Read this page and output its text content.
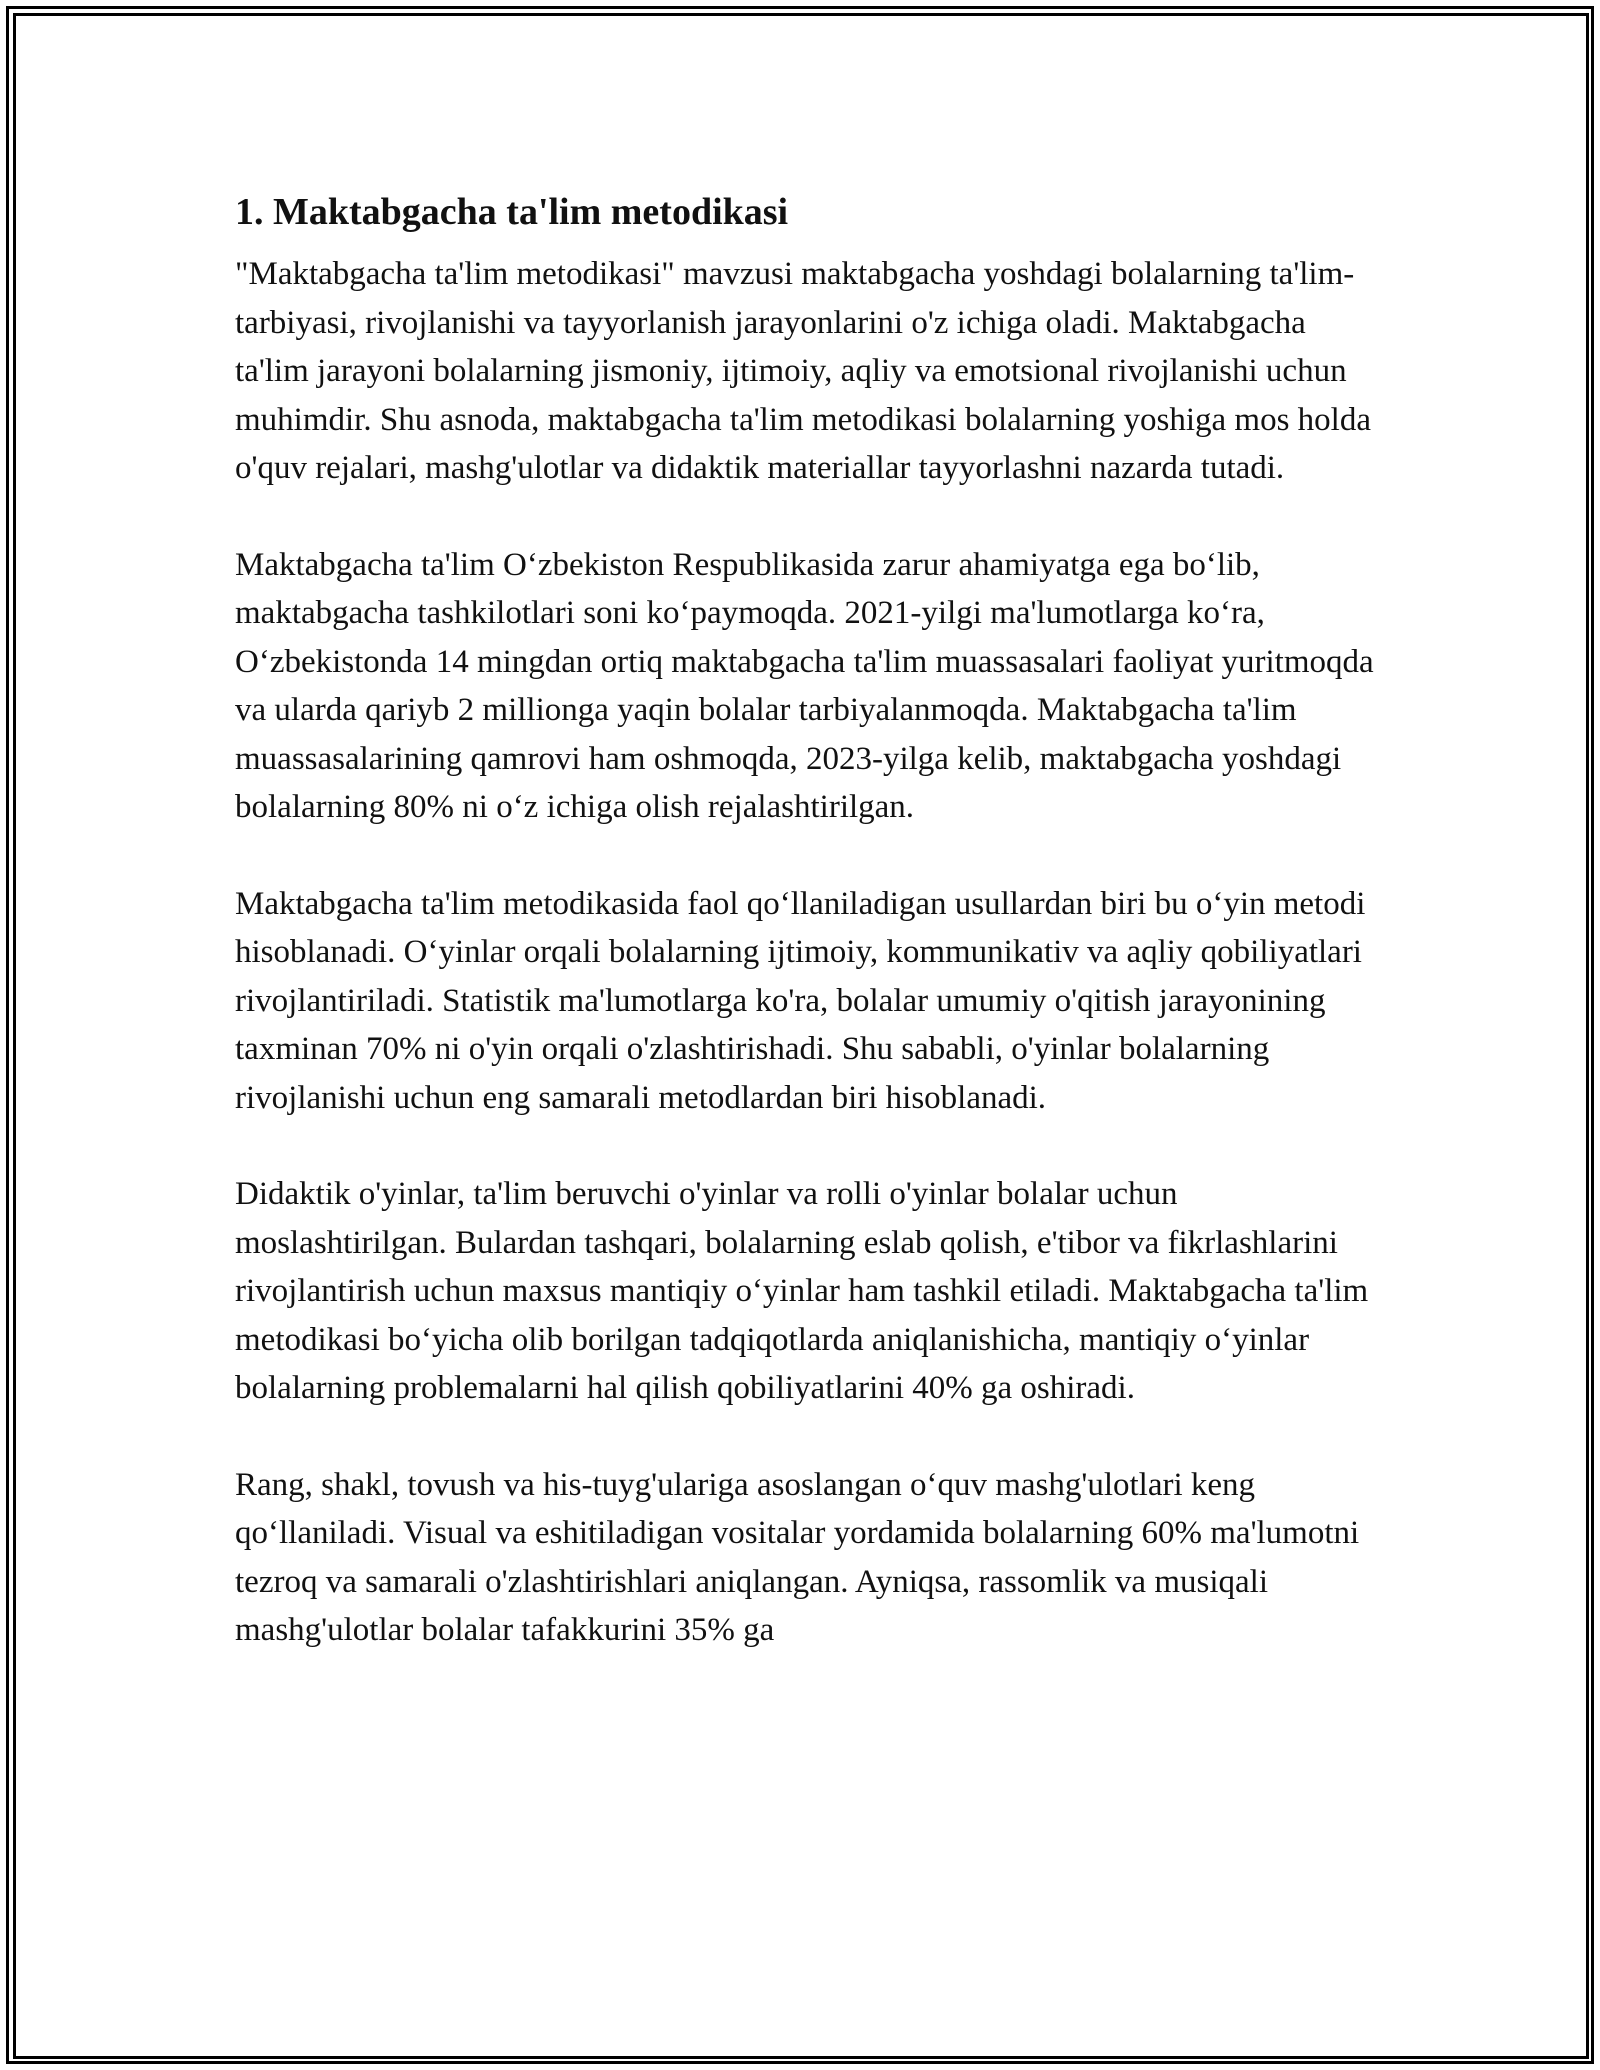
1. Maktabgacha ta'lim metodikasi

"Maktabgacha ta'lim metodikasi" mavzusi maktabgacha yoshdagi bolalarning ta'lim-tarbiyasi, rivojlanishi va tayyorlanish jarayonlarini o'z ichiga oladi. Maktabgacha ta'lim jarayoni bolalarning jismoniy, ijtimoiy, aqliy va emotsional rivojlanishi uchun muhimdir. Shu asnoda, maktabgacha ta'lim metodikasi bolalarning yoshiga mos holda o'quv rejalari, mashg'ulotlar va didaktik materiallar tayyorlashni nazarda tutadi.

Maktabgacha ta'lim Oʻzbekiston Respublikasida zarur ahamiyatga ega boʻlib, maktabgacha tashkilotlari soni koʻpaymoqda. 2021-yilgi ma'lumotlarga koʻra, Oʻzbekistonda 14 mingdan ortiq maktabgacha ta'lim muassasalari faoliyat yuritmoqda va ularda qariyb 2 millionga yaqin bolalar tarbiyalanmoqda. Maktabgacha ta'lim muassasalarining qamrovi ham oshmoqda, 2023-yilga kelib, maktabgacha yoshdagi bolalarning 80% ni oʻz ichiga olish rejalashtirilgan.

Maktabgacha ta'lim metodikasida faol qoʻllaniladigan usullardan biri bu oʻyin metodi hisoblanadi. Oʻyinlar orqali bolalarning ijtimoiy, kommunikativ va aqliy qobiliyatlari rivojlantiriladi. Statistik ma'lumotlarga ko'ra, bolalar umumiy o'qitish jarayonining taxminan 70% ni o'yin orqali o'zlashtirishadi. Shu sababli, o'yinlar bolalarning rivojlanishi uchun eng samarali metodlardan biri hisoblanadi.

Didaktik o'yinlar, ta'lim beruvchi o'yinlar va rolli o'yinlar bolalar uchun moslashtirilgan. Bulardan tashqari, bolalarning eslab qolish, e'tibor va fikrlashlarini rivojlantirish uchun maxsus mantiqiy oʻyinlar ham tashkil etiladi. Maktabgacha ta'lim metodikasi boʻyicha olib borilgan tadqiqotlarda aniqlanishicha, mantiqiy oʻyinlar bolalarning problemalarni hal qilish qobiliyatlarini 40% ga oshiradi.

Rang, shakl, tovush va his-tuyg'ulariga asoslangan oʻquv mashg'ulotlari keng qoʻllaniladi. Visual va eshitiladigan vositalar yordamida bolalarning 60% ma'lumotni tezroq va samarali o'zlashtirishlari aniqlangan. Ayniqsa, rassomlik va musiqali mashg'ulotlar bolalar tafakkurini 35% ga
